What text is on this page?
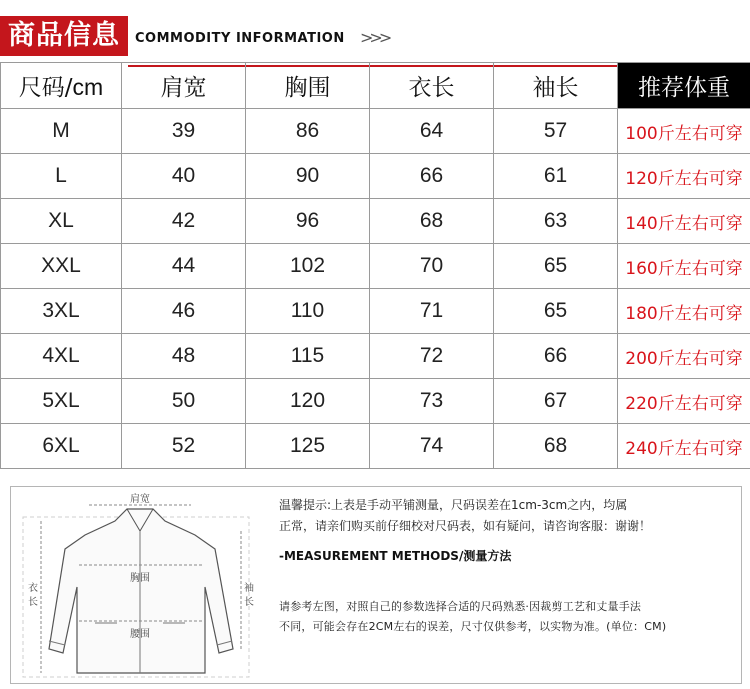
商品信息	COMMODITY INFORMATION >>>
尺码/cm	肩宽	胸围	衣长	袖长	推荐体重
M	39	86	64	57	100斤左右可穿
L	40	90	66	61	120斤左右可穿
XL	42	96	68	63	140斤左右可穿
XXL	44	102	70	65	160斤左右可穿
3XL	46	110	71	65	180斤左右可穿
4XL	48	115	72	66	200斤左右可穿
5XL	50	120	73	67	220斤左右可穿
6XL	52	125	74	68	240斤左右可穿
肩宽
胸围
腰围
衣
长
袖
长
温馨提示:上表是手动平铺测量，尺码误差在1cm-3cm之内，均属
正常，请亲们购买前仔细校对尺码表，如有疑问，请咨询客服：谢谢！
-MEASUREMENT METHODS/测量方法
请参考左图，对照自己的参数选择合适的尺码熟悉·因裁剪工艺和丈量手法
不同，可能会存在2CM左右的误差，尺寸仅供参考，以实物为准。(单位：CM)
